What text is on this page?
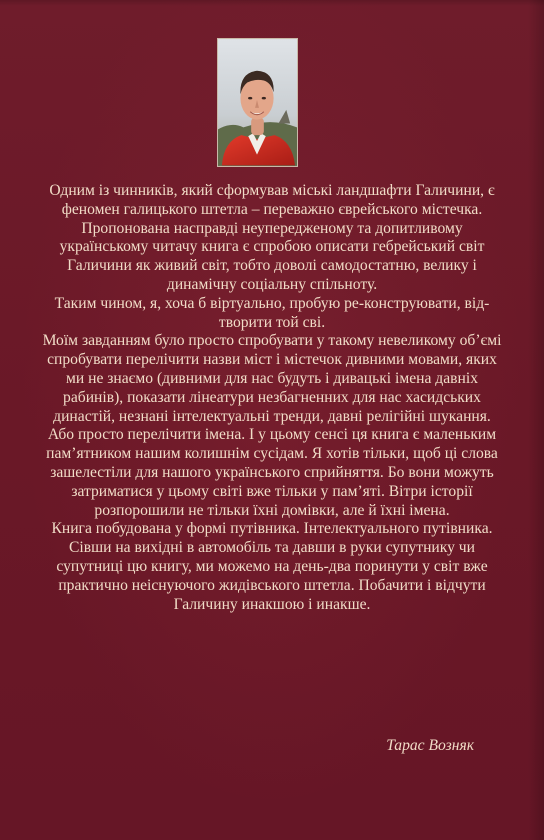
Одним із чинників, який сформував міські ландшафти Галичини, є феномен галицького штетла – переважно єврейського містечка.

Пропонована насправді неупередженому та допитливому українському читачу книга є спробою описати гебрейський світ Галичини як живий світ, тобто доволі самодостатню, велику і динамічну соціальну спільноту.

Таким чином, я, хоча б віртуально, пробую ре-конструювати, від-творити той сві.

Моїм завданням було просто спробувати у такому невеликому об’ємі спробувати перелічити назви міст і містечок дивними мовами, яких ми не знаємо (дивними для нас будуть і дивацькі імена давніх рабинів), показати лінеатури незбагненних для нас хасидських династій, незнані інтелектуальні тренди, давні релігійні шукання. Або просто перелічити імена. І у цьому сенсі ця книга є маленьким пам’ятником нашим колишнім сусідам. Я хотів тільки, щоб ці слова зашелестіли для нашого українського сприйняття. Бо вони можуть затриматися у цьому світі вже тільки у пам’яті. Вітри історії розпорошили не тільки їхні домівки, але й їхні імена.

Книга побудована у формі путівника. Інтелектуального путівника. Сівши на вихідні в автомобіль та давши в руки супутнику чи супутниці цю книгу, ми можемо на день-два поринути у світ вже практично неіснуючого жидівського штетла. Побачити і відчути Галичину инакшою і инакше.

Тарас Возняк
